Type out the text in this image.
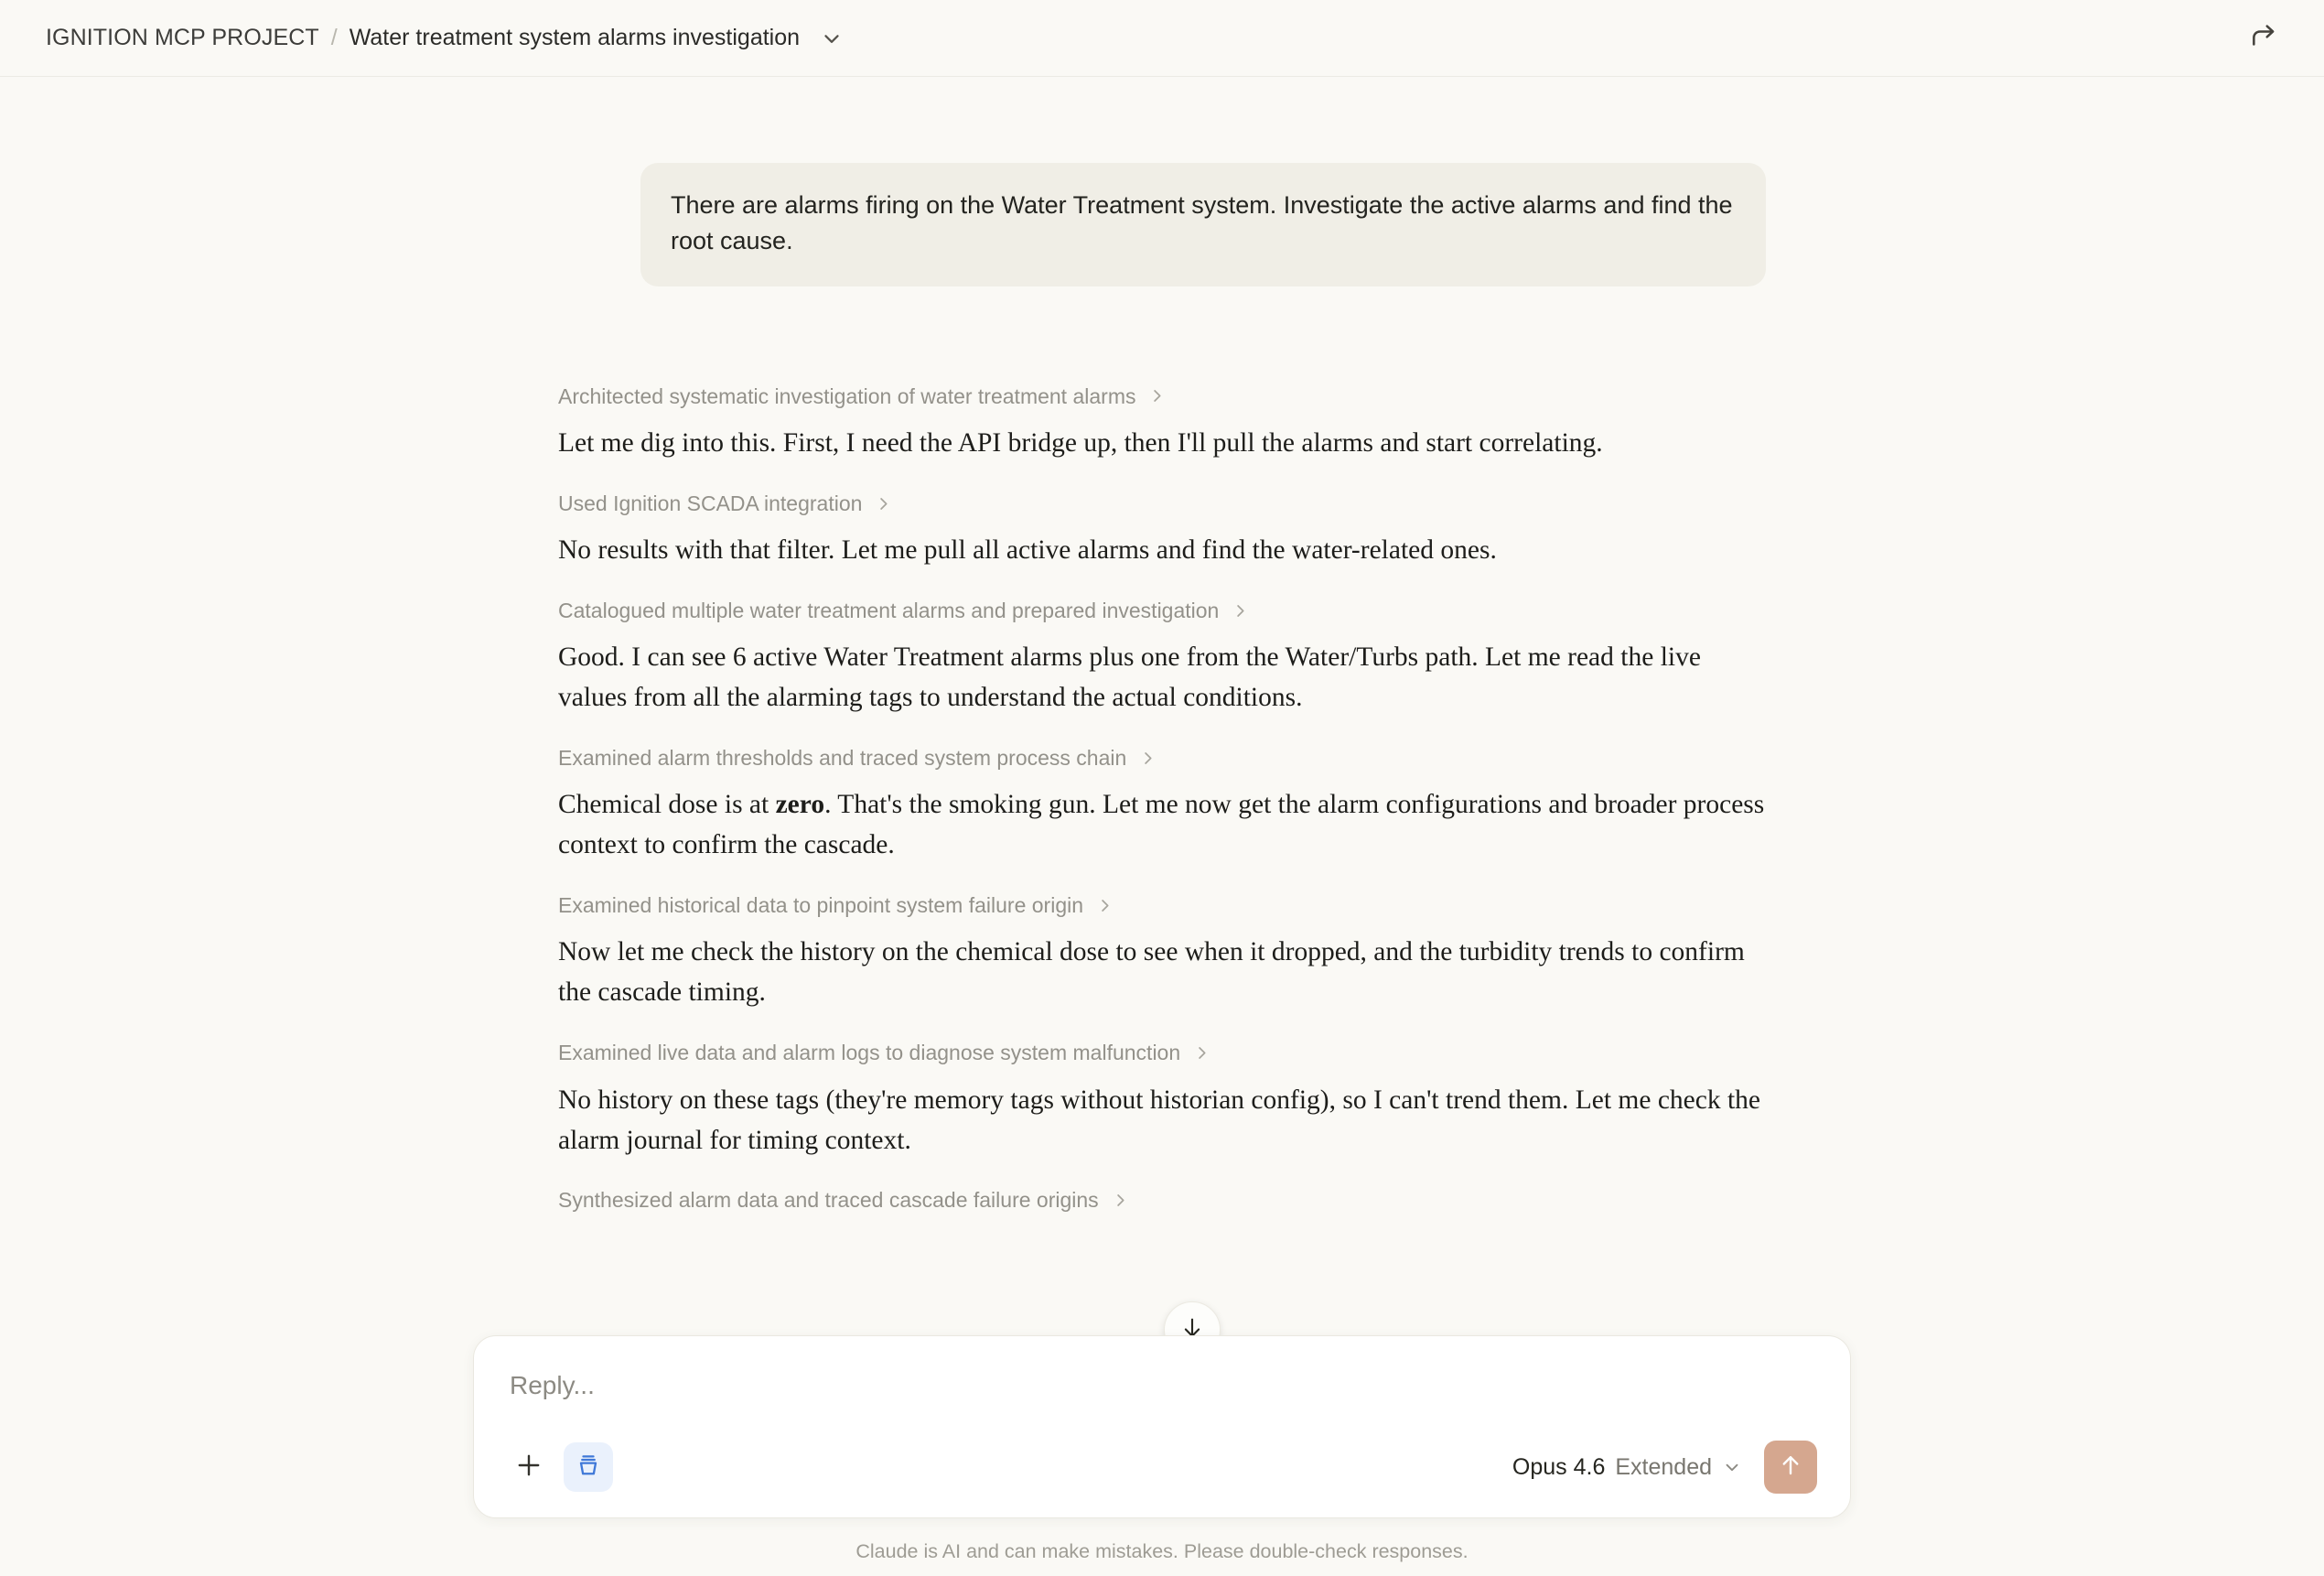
IGNITION MCP PROJECT / Water treatment system alarms investigation

There are alarms firing on the Water Treatment system. Investigate the active alarms and find the root cause.

Architected systematic investigation of water treatment alarms

Let me dig into this. First, I need the API bridge up, then I'll pull the alarms and start correlating.

Used Ignition SCADA integration

No results with that filter. Let me pull all active alarms and find the water-related ones.

Catalogued multiple water treatment alarms and prepared investigation

Good. I can see 6 active Water Treatment alarms plus one from the Water/Turbs path. Let me read the live values from all the alarming tags to understand the actual conditions.

Examined alarm thresholds and traced system process chain

Chemical dose is at zero. That's the smoking gun. Let me now get the alarm configurations and broader process context to confirm the cascade.

Examined historical data to pinpoint system failure origin

Now let me check the history on the chemical dose to see when it dropped, and the turbidity trends to confirm the cascade timing.

Examined live data and alarm logs to diagnose system malfunction

No history on these tags (they're memory tags without historian config), so I can't trend them. Let me check the alarm journal for timing context.

Synthesized alarm data and traced cascade failure origins
Reply...
Opus 4.6 Extended
Claude is AI and can make mistakes. Please double-check responses.
